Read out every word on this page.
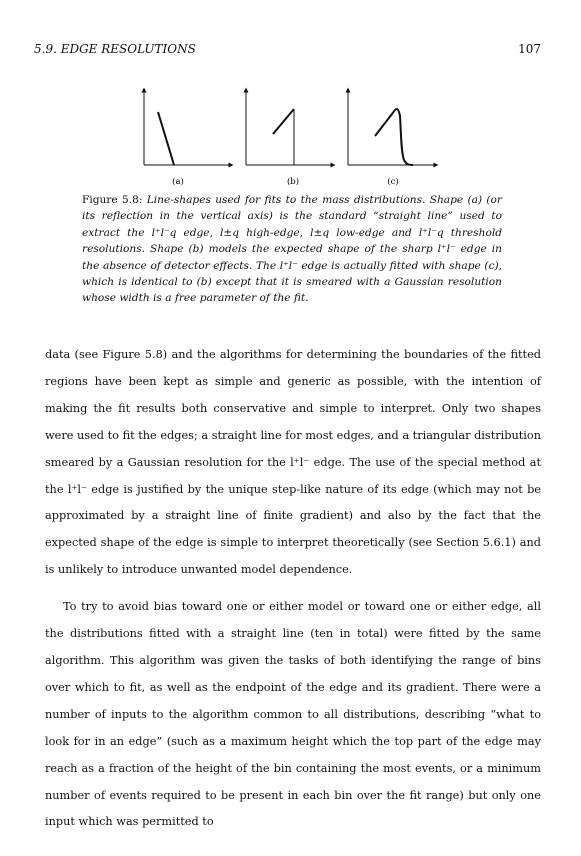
5.9. EDGE RESOLUTIONS	107
(a)	(b)	(c)
Figure 5.8: Line-shapes used for fits to the mass distributions. Shape (a) (or its reflection in the vertical axis) is the standard “straight line” used to extract the l⁺l⁻q edge, l±q high-edge, l±q low-edge and l⁺l⁻q threshold resolutions. Shape (b) models the expected shape of the sharp l⁺l⁻ edge in the absence of detector effects. The l⁺l⁻ edge is actually fitted with shape (c), which is identical to (b) except that it is smeared with a Gaussian resolution whose width is a free parameter of the fit.

data (see Figure 5.8) and the algorithms for determining the boundaries of the fitted regions have been kept as simple and generic as possible, with the intention of making the fit results both conservative and simple to interpret. Only two shapes were used to fit the edges; a straight line for most edges, and a triangular distribution smeared by a Gaussian resolution for the l⁺l⁻ edge. The use of the special method at the l⁺l⁻ edge is justified by the unique step-like nature of its edge (which may not be approximated by a straight line of finite gradient) and also by the fact that the expected shape of the edge is simple to interpret theoretically (see Section 5.6.1) and is unlikely to introduce unwanted model dependence.

To try to avoid bias toward one or either model or toward one or either edge, all the distributions fitted with a straight line (ten in total) were fitted by the same algorithm. This algorithm was given the tasks of both identifying the range of bins over which to fit, as well as the endpoint of the edge and its gradient. There were a number of inputs to the algorithm common to all distributions, describing “what to look for in an edge” (such as a maximum height which the top part of the edge may reach as a fraction of the height of the bin containing the most events, or a minimum number of events required to be present in each bin over the fit range) but only one input which was permitted to
